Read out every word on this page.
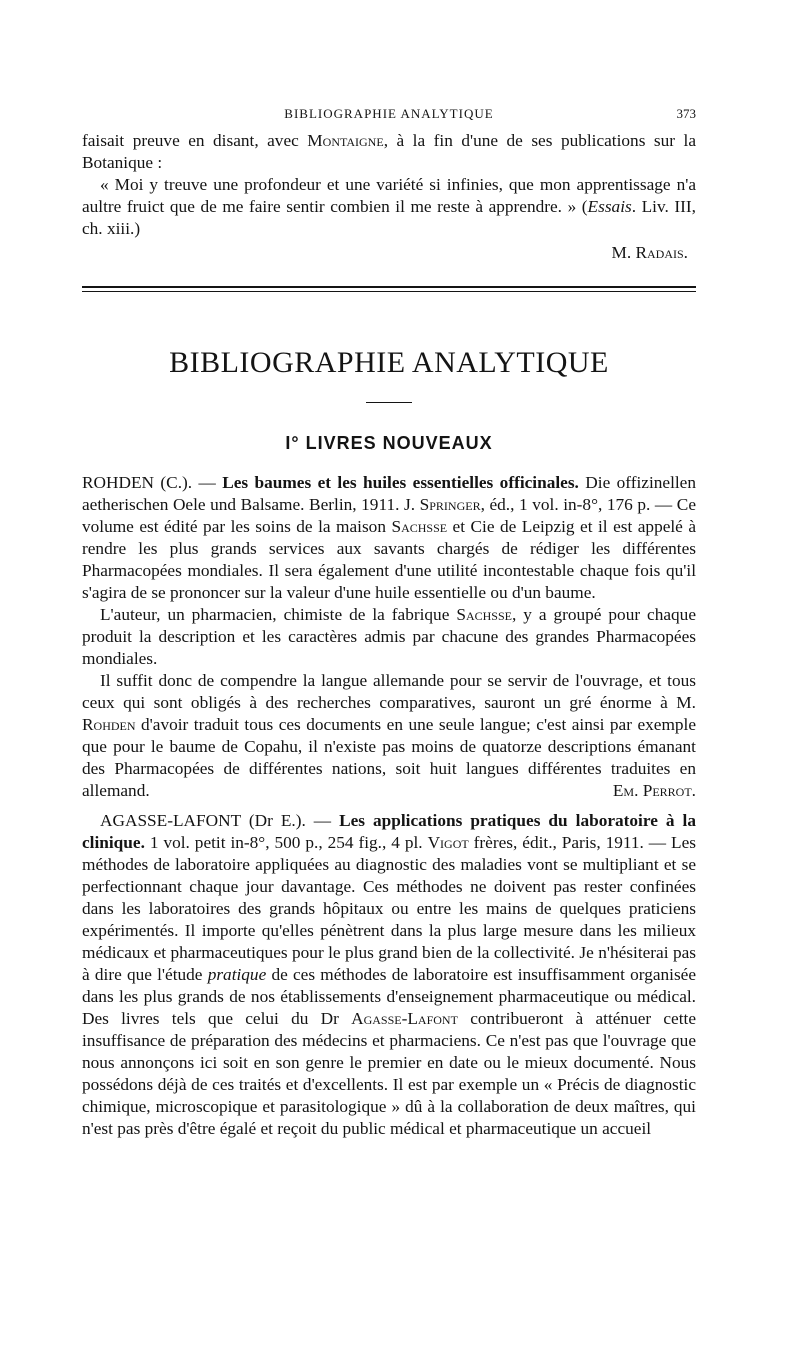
BIBLIOGRAPHIE ANALYTIQUE	373

faisait preuve en disant, avec Montaigne, à la fin d'une de ses publications sur la Botanique :

« Moi y treuve une profondeur et une variété si infinies, que mon apprentissage n'a aultre fruict que de me faire sentir combien il me reste à apprendre. » (Essais. Liv. III, ch. xiii.)

M. Radais.
BIBLIOGRAPHIE ANALYTIQUE
I° LIVRES NOUVEAUX

ROHDEN (C.). — Les baumes et les huiles essentielles officinales. Die offizinellen aetherischen Oele und Balsame. Berlin, 1911. J. Springer, éd., 1 vol. in-8°, 176 p. — Ce volume est édité par les soins de la maison Sachsse et Cie de Leipzig et il est appelé à rendre les plus grands services aux savants chargés de rédiger les différentes Pharmacopées mondiales. Il sera également d'une utilité incontestable chaque fois qu'il s'agira de se prononcer sur la valeur d'une huile essentielle ou d'un baume.

L'auteur, un pharmacien, chimiste de la fabrique Sachsse, y a groupé pour chaque produit la description et les caractères admis par chacune des grandes Pharmacopées mondiales.

Il suffit donc de compendre la langue allemande pour se servir de l'ouvrage, et tous ceux qui sont obligés à des recherches comparatives, sauront un gré énorme à M. Rohden d'avoir traduit tous ces documents en une seule langue; c'est ainsi par exemple que pour le baume de Copahu, il n'existe pas moins de quatorze descriptions émanant des Pharmacopées de différentes nations, soit huit langues différentes traduites en allemand.	Em. Perrot.

AGASSE-LAFONT (Dr E.). — Les applications pratiques du laboratoire à la clinique. 1 vol. petit in-8°, 500 p., 254 fig., 4 pl. Vigot frères, édit., Paris, 1911. — Les méthodes de laboratoire appliquées au diagnostic des maladies vont se multipliant et se perfectionnant chaque jour davantage. Ces méthodes ne doivent pas rester confinées dans les laboratoires des grands hôpitaux ou entre les mains de quelques praticiens expérimentés. Il importe qu'elles pénètrent dans la plus large mesure dans les milieux médicaux et pharmaceutiques pour le plus grand bien de la collectivité. Je n'hésiterai pas à dire que l'étude pratique de ces méthodes de laboratoire est insuffisamment organisée dans les plus grands de nos établissements d'enseignement pharmaceutique ou médical. Des livres tels que celui du Dr Agasse-Lafont contribueront à atténuer cette insuffisance de préparation des médecins et pharmaciens. Ce n'est pas que l'ouvrage que nous annonçons ici soit en son genre le premier en date ou le mieux documenté. Nous possédons déjà de ces traités et d'excellents. Il est par exemple un « Précis de diagnostic chimique, microscopique et parasitologique » dû à la collaboration de deux maîtres, qui n'est pas près d'être égalé et reçoit du public médical et pharmaceutique un accueil
